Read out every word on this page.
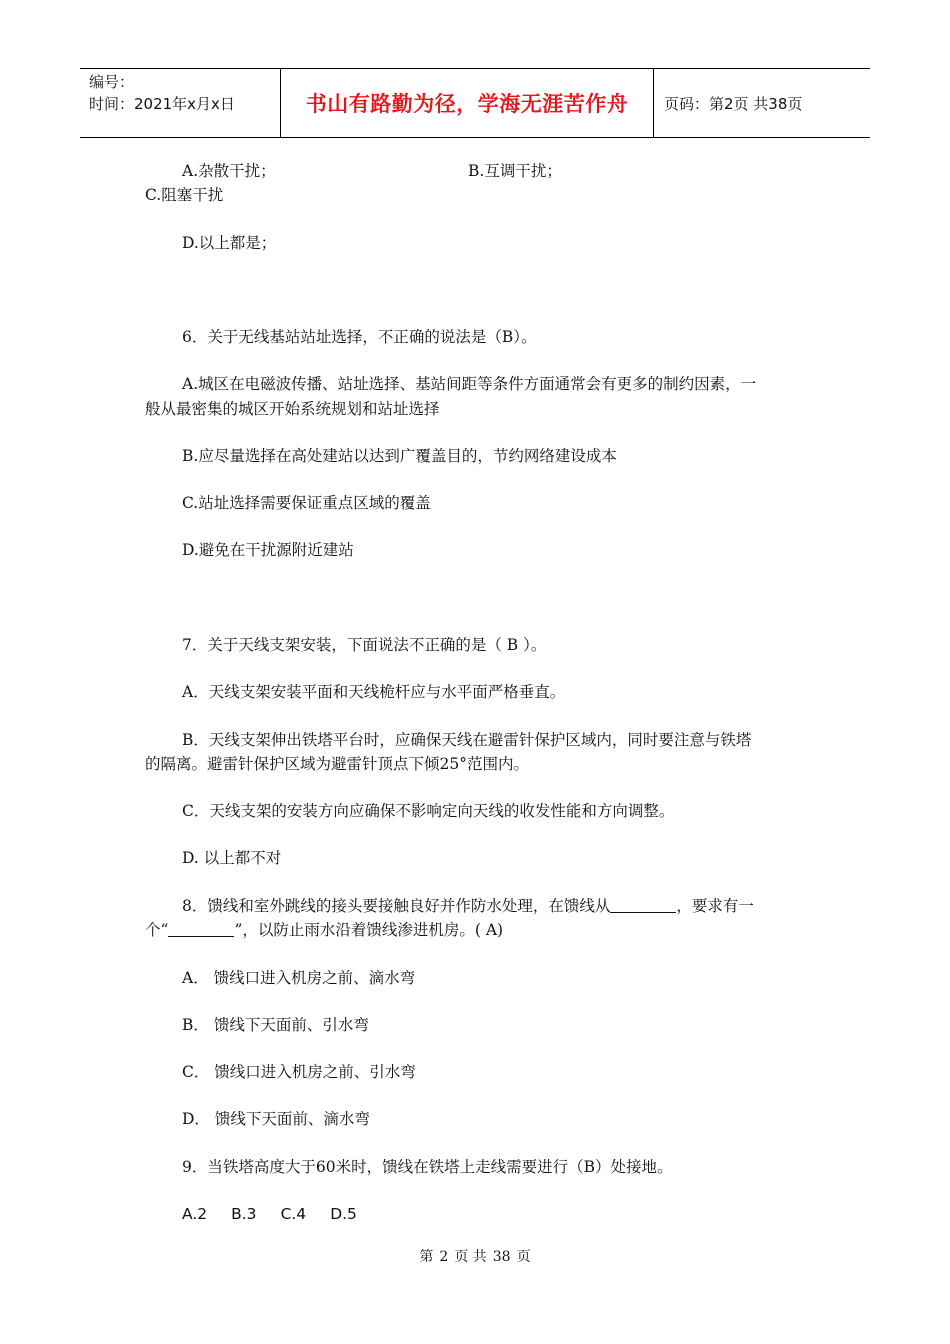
编号：
时间：2021年x月x日	书山有路勤为径，学海无涯苦作舟	页码：第2页 共38页
A.杂散干扰；	B.互调干扰；
C.阻塞干扰
D.以上都是；
6．关于无线基站站址选择，不正确的说法是（B）。
A.城区在电磁波传播、站址选择、基站间距等条件方面通常会有更多的制约因素，一
般从最密集的城区开始系统规划和站址选择
B.应尽量选择在高处建站以达到广覆盖目的，节约网络建设成本
C.站址选择需要保证重点区域的覆盖
D.避免在干扰源附近建站
7．关于天线支架安装，下面说法不正确的是（ B ）。
A．天线支架安装平面和天线桅杆应与水平面严格垂直。
B．天线支架伸出铁塔平台时，应确保天线在避雷针保护区域内，同时要注意与铁塔
的隔离。避雷针保护区域为避雷针顶点下倾25°范围内。
C．天线支架的安装方向应确保不影响定向天线的收发性能和方向调整。
D. 以上都不对
8．馈线和室外跳线的接头要接触良好并作防水处理，在馈线从	，要求有一
个“	”，以防止雨水沿着馈线渗进机房。( A)
A． 馈线口进入机房之前、滴水弯
B． 馈线下天面前、引水弯
C． 馈线口进入机房之前、引水弯
D． 馈线下天面前、滴水弯
9．当铁塔高度大于60米时，馈线在铁塔上走线需要进行（B）处接地。
A.2 B.3 C.4 D.5
第 2 页 共 38 页
